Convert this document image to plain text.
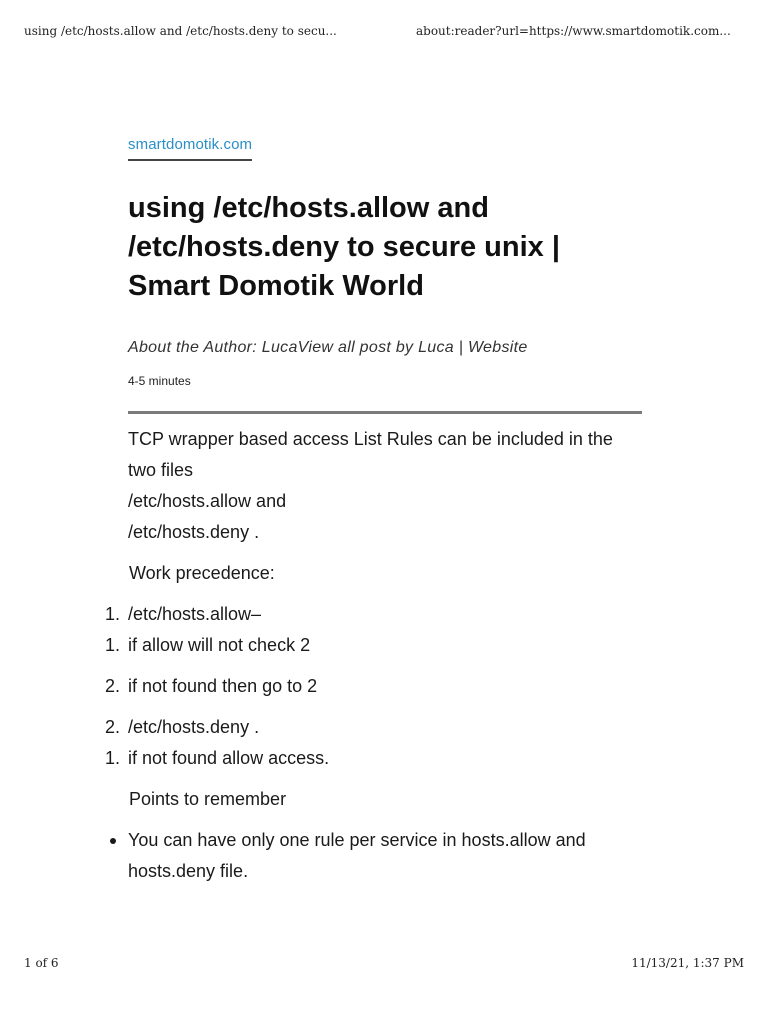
using /etc/hosts.allow and /etc/hosts.deny to secu...	about:reader?url=https://www.smartdomotik.com...
smartdomotik.com
using /etc/hosts.allow and
/etc/hosts.deny to secure unix |
Smart Domotik World
About the Author: LucaView all post by Luca | Website
4-5 minutes
TCP wrapper based access List Rules can be included in the
two files
/etc/hosts.allow and
/etc/hosts.deny .
Work precedence:
1. /etc/hosts.allow–
1. if allow will not check 2
2. if not found then go to 2
2. /etc/hosts.deny .
1. if not found allow access.
Points to remember
You can have only one rule per service in hosts.allow and
hosts.deny file.
1 of 6	11/13/21, 1:37 PM
